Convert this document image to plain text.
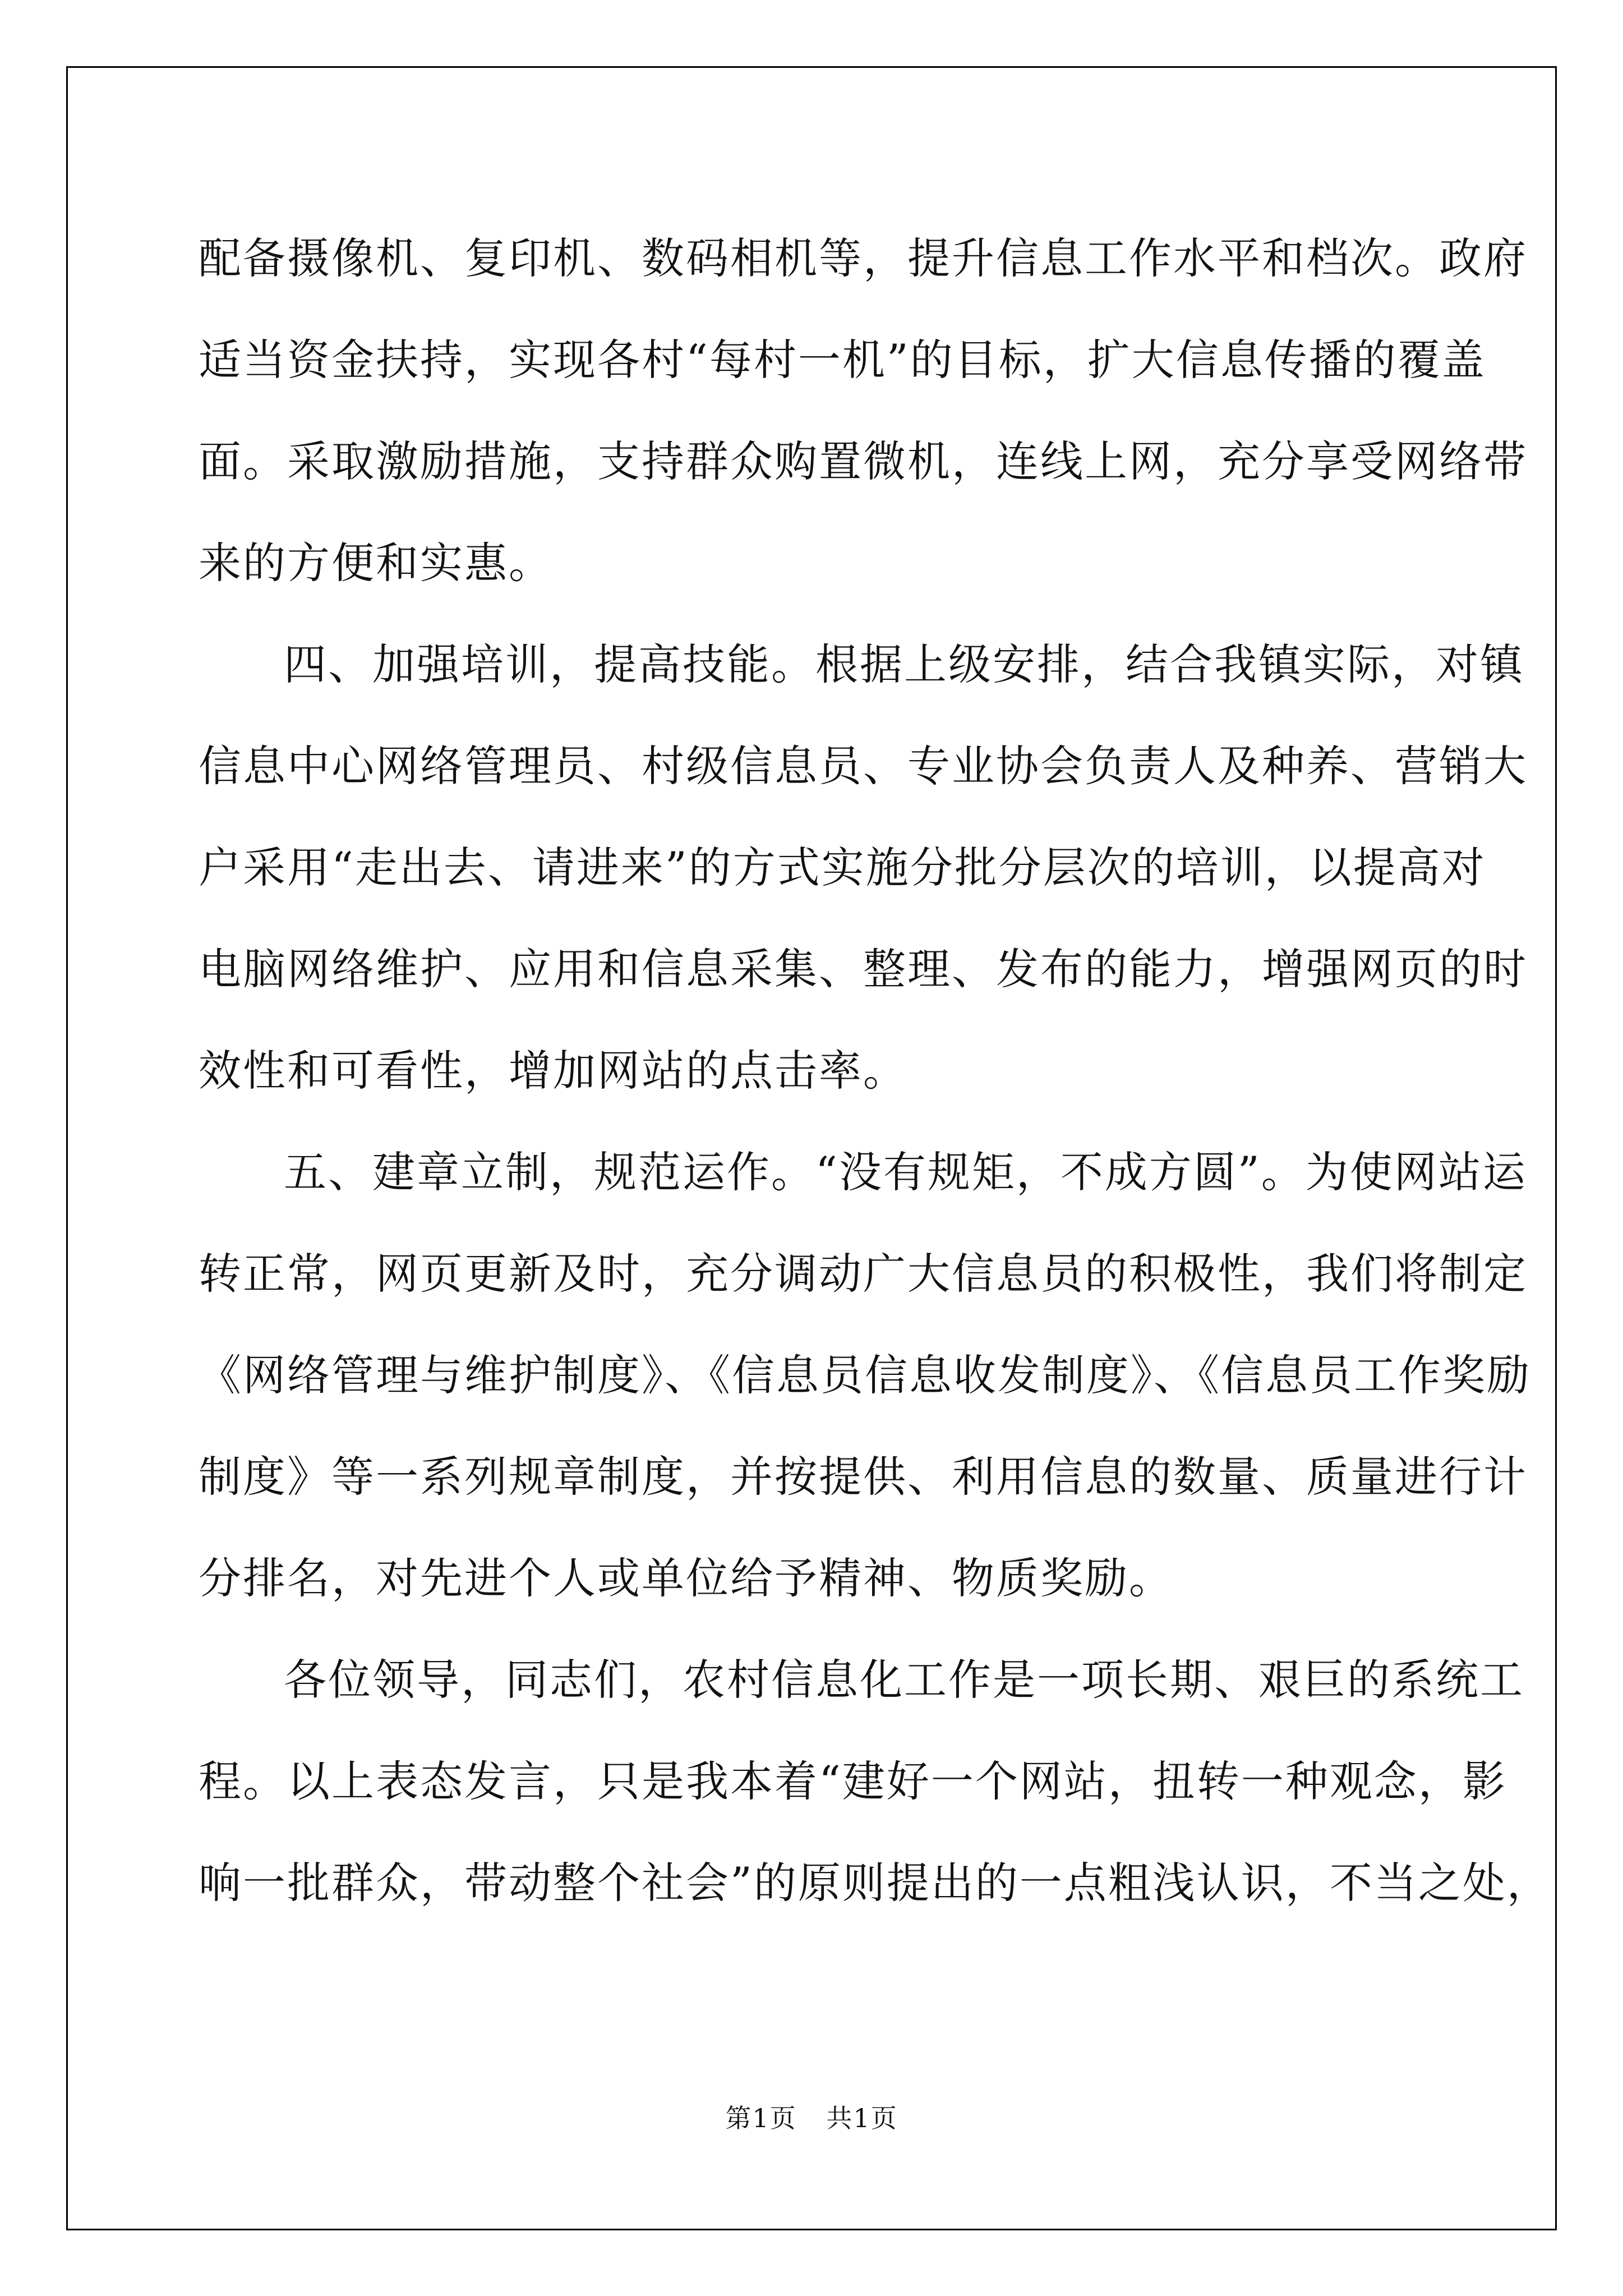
配备摄像机、复印机、数码相机等，提升信息工作水平和档次。政府
适当资金扶持，实现各村“每村一机”的目标，扩大信息传播的覆盖
面。采取激励措施，支持群众购置微机，连线上网，充分享受网络带
来的方便和实惠。
四、加强培训，提高技能。根据上级安排，结合我镇实际，对镇
信息中心网络管理员、村级信息员、专业协会负责人及种养、营销大
户采用“走出去、请进来”的方式实施分批分层次的培训，以提高对
电脑网络维护、应用和信息采集、整理、发布的能力，增强网页的时
效性和可看性，增加网站的点击率。
五、建章立制，规范运作。“没有规矩，不成方圆”。为使网站运
转正常，网页更新及时，充分调动广大信息员的积极性，我们将制定
《网络管理与维护制度》、《信息员信息收发制度》、《信息员工作奖励
制度》等一系列规章制度，并按提供、利用信息的数量、质量进行计
分排名，对先进个人或单位给予精神、物质奖励。
各位领导，同志们，农村信息化工作是一项长期、艰巨的系统工
程。以上表态发言，只是我本着“建好一个网站，扭转一种观念，影
响一批群众，带动整个社会”的原则提出的一点粗浅认识，不当之处，
第1页 共1页
